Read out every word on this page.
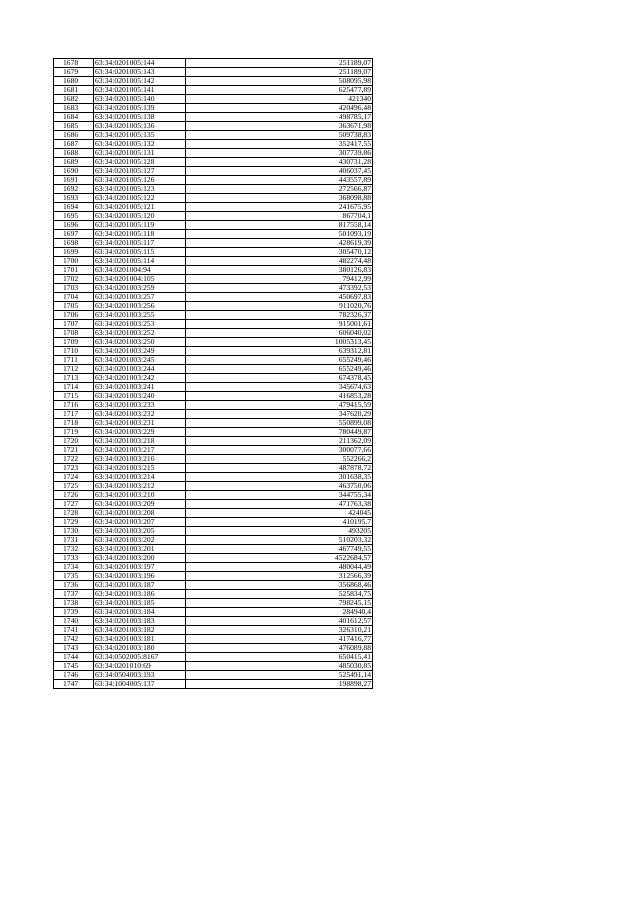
1678	63:34:0201005:144	251189,07
1679	63:34:0201005:143	251189,07
1680	63:34:0201005:142	508095,98
1681	63:34:0201005:141	625477,89
1682	63:34:0201005:140	421340
1683	63:34:0201005:139	420496,48
1684	63:34:0201005:138	498785,17
1685	63:34:0201005:136	363671,98
1686	63:34:0201005:135	509738,83
1687	63:34:0201005:132	352417,55
1688	63:34:0201005:131	307739,86
1689	63:34:0201005:128	430731,28
1690	63:34:0201005:127	406037,45
1691	63:34:0201005:126	443557,89
1692	63:34:0201005:123	272566,87
1693	63:34:0201005:122	368098,88
1694	63:34:0201005:121	241675,95
1695	63:34:0201005:120	867704,1
1696	63:34:0201005:119	817558,14
1697	63:34:0201005:118	501093,19
1698	63:34:0201005:117	428619,39
1699	63:34:0201005:115	305470,12
1700	63:34:0201005:114	482274,48
1701	63:34:0201004:94	380126,83
1702	63:34:0201004:105	79412,99
1703	63:34:0201003:259	473392,53
1704	63:34:0201003:257	450697,83
1705	63:34:0201003:256	911020,76
1706	63:34:0201003:255	782326,37
1707	63:34:0201003:253	915001,61
1708	63:34:0201003:252	606040,02
1709	63:34:0201003:250	1005313,45
1710	63:34:0201003:249	639312,81
1711	63:34:0201003:245	655249,46
1712	63:34:0201003:244	655249,46
1713	63:34:0201003:242	674378,45
1714	63:34:0201003:241	345674,63
1715	63:34:0201003:240	416853,28
1716	63:34:0201003:233	479415,59
1717	63:34:0201003:232	347620,29
1718	63:34:0201003:231	550899,08
1719	63:34:0201003:229	780449,87
1720	63:34:0201003:218	211362,09
1721	63:34:0201003:217	300077,66
1722	63:34:0201003:216	552266,2
1723	63:34:0201003:215	487878,72
1724	63:34:0201003:214	301638,35
1725	63:34:0201003:212	463750,06
1726	63:34:0201003:210	344755,34
1727	63:34:0201003:209	471763,38
1728	63:34:0201003:208	424045
1729	63:34:0201003:207	410195,7
1730	63:34:0201003:205	493205
1731	63:34:0201003:202	510203,32
1732	63:34:0201003:201	467749,55
1733	63:34:0201003:200	4522684,57
1734	63:34:0201003:197	480044,49
1735	63:34:0201003:196	312566,39
1736	63:34:0201003:187	356868,46
1737	63:34:0201003:186	525834,75
1738	63:34:0201003:185	798245,15
1739	63:34:0201003:184	284940,4
1740	63:34:0201003:183	401612,57
1741	63:34:0201003:182	326310,21
1742	63:34:0201003:181	417416,77
1743	63:34:0201003:180	476089,88
1744	63:34:0502005:8167	650415,41
1745	63:34:0201010:69	485030,85
1746	63:34:0504003:193	525491,14
1747	63:34:1004005:137	198898,27
